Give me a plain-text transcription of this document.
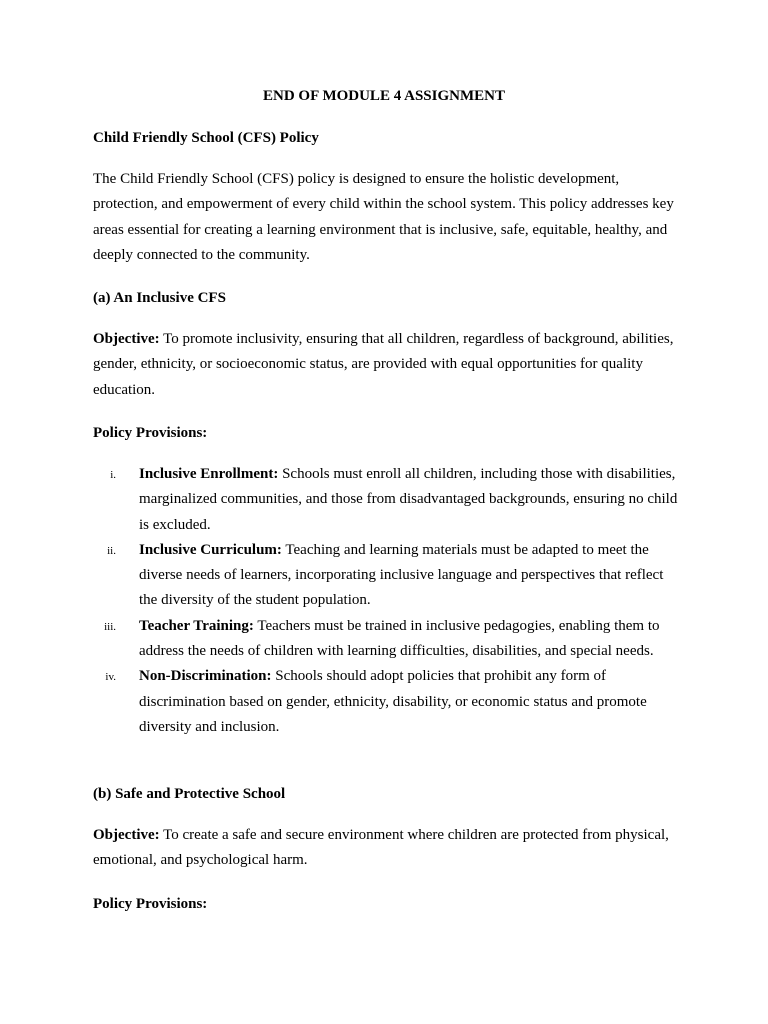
END OF MODULE 4 ASSIGNMENT
Child Friendly School (CFS) Policy

The Child Friendly School (CFS) policy is designed to ensure the holistic development, protection, and empowerment of every child within the school system. This policy addresses key areas essential for creating a learning environment that is inclusive, safe, equitable, healthy, and deeply connected to the community.

(a) An Inclusive CFS

Objective: To promote inclusivity, ensuring that all children, regardless of background, abilities, gender, ethnicity, or socioeconomic status, are provided with equal opportunities for quality education.

Policy Provisions:
i. Inclusive Enrollment: Schools must enroll all children, including those with disabilities, marginalized communities, and those from disadvantaged backgrounds, ensuring no child is excluded.
ii. Inclusive Curriculum: Teaching and learning materials must be adapted to meet the diverse needs of learners, incorporating inclusive language and perspectives that reflect the diversity of the student population.
iii. Teacher Training: Teachers must be trained in inclusive pedagogies, enabling them to address the needs of children with learning difficulties, disabilities, and special needs.
iv. Non-Discrimination: Schools should adopt policies that prohibit any form of discrimination based on gender, ethnicity, disability, or economic status and promote diversity and inclusion.
(b) Safe and Protective School

Objective: To create a safe and secure environment where children are protected from physical, emotional, and psychological harm.

Policy Provisions:
